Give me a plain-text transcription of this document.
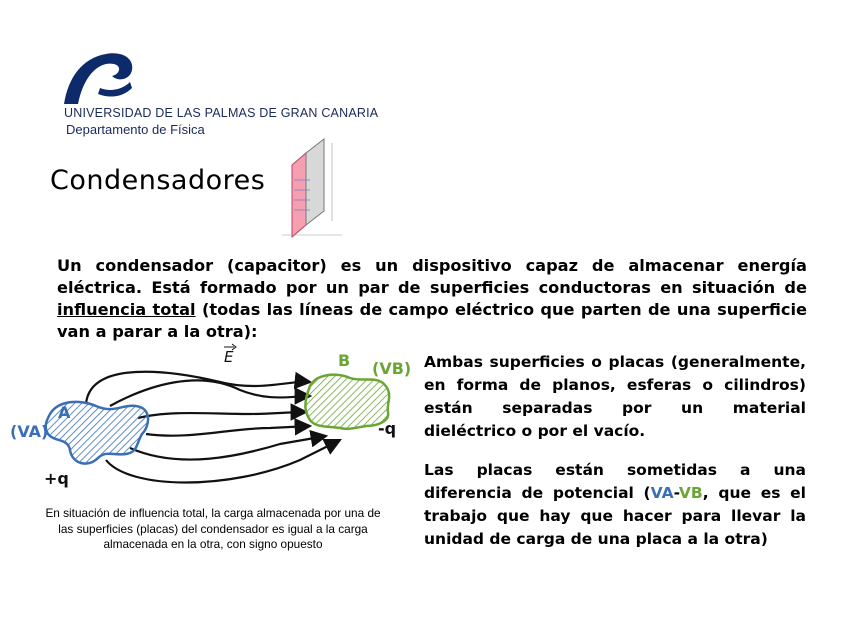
UNIVERSIDAD DE LAS PALMAS DE GRAN CANARIA
Departamento de Física
Condensadores
Un condensador (capacitor) es un dispositivo capaz de almacenar energía eléctrica. Está formado por un par de superficies conductoras en situación de influencia total (todas las líneas de campo eléctrico que parten de una superficie van a parar a la otra):
E
A
(VA)
B (VB)
+q
-q
En situación de influencia total, la carga almacenada por una de las superficies (placas) del condensador es igual a la carga almacenada en la otra, con signo opuesto
Ambas superficies o placas (generalmente, en forma de planos, esferas o cilindros) están separadas por un material dieléctrico o por el vacío.
Las placas están sometidas a una diferencia de potencial (VA-VB, que es el trabajo que hay que hacer para llevar la unidad de carga de una placa a la otra)
